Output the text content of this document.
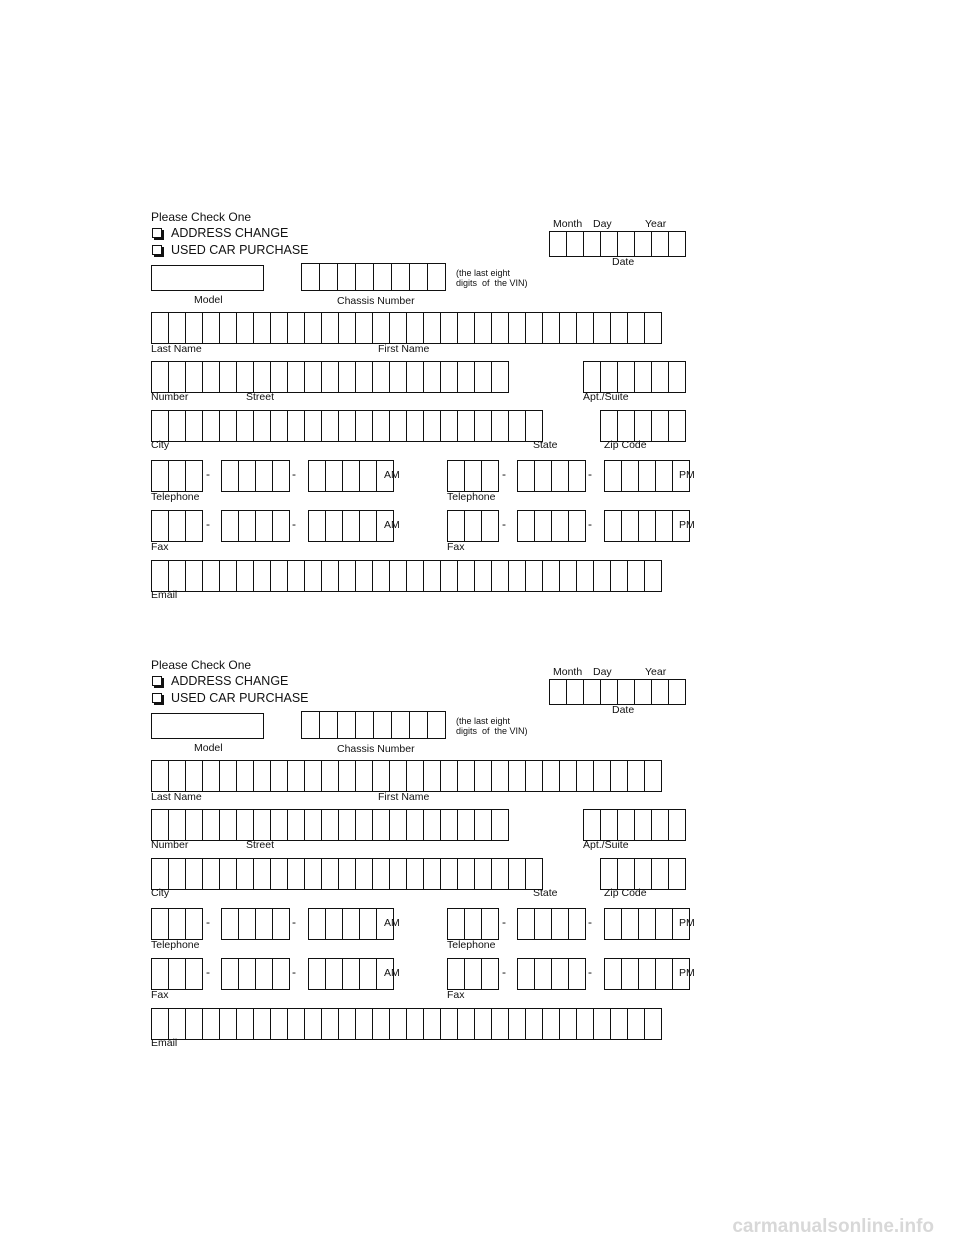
Please Check One
ADDRESS CHANGE
USED CAR PURCHASE
Month Day	Year
Date
Model
(the last eight
digits  of  the VIN)
Chassis Number
Last Name	First Name
Number	Street	Apt./Suite
City	State	Zip Code
AM	PM
Telephone	Telephone
AM	PM
Fax	Fax
Email
-	-	-	-
-	-	-	-
Please Check One
ADDRESS CHANGE
USED CAR PURCHASE
Month Day	Year
Date
Model
(the last eight
digits  of  the VIN)
Chassis Number
Last Name	First Name
Number	Street	Apt./Suite
City	State	Zip Code
AM	PM
Telephone	Telephone
AM	PM
Fax	Fax
Email
-	-	-	-
-	-	-	-
carmanualsonline.info
